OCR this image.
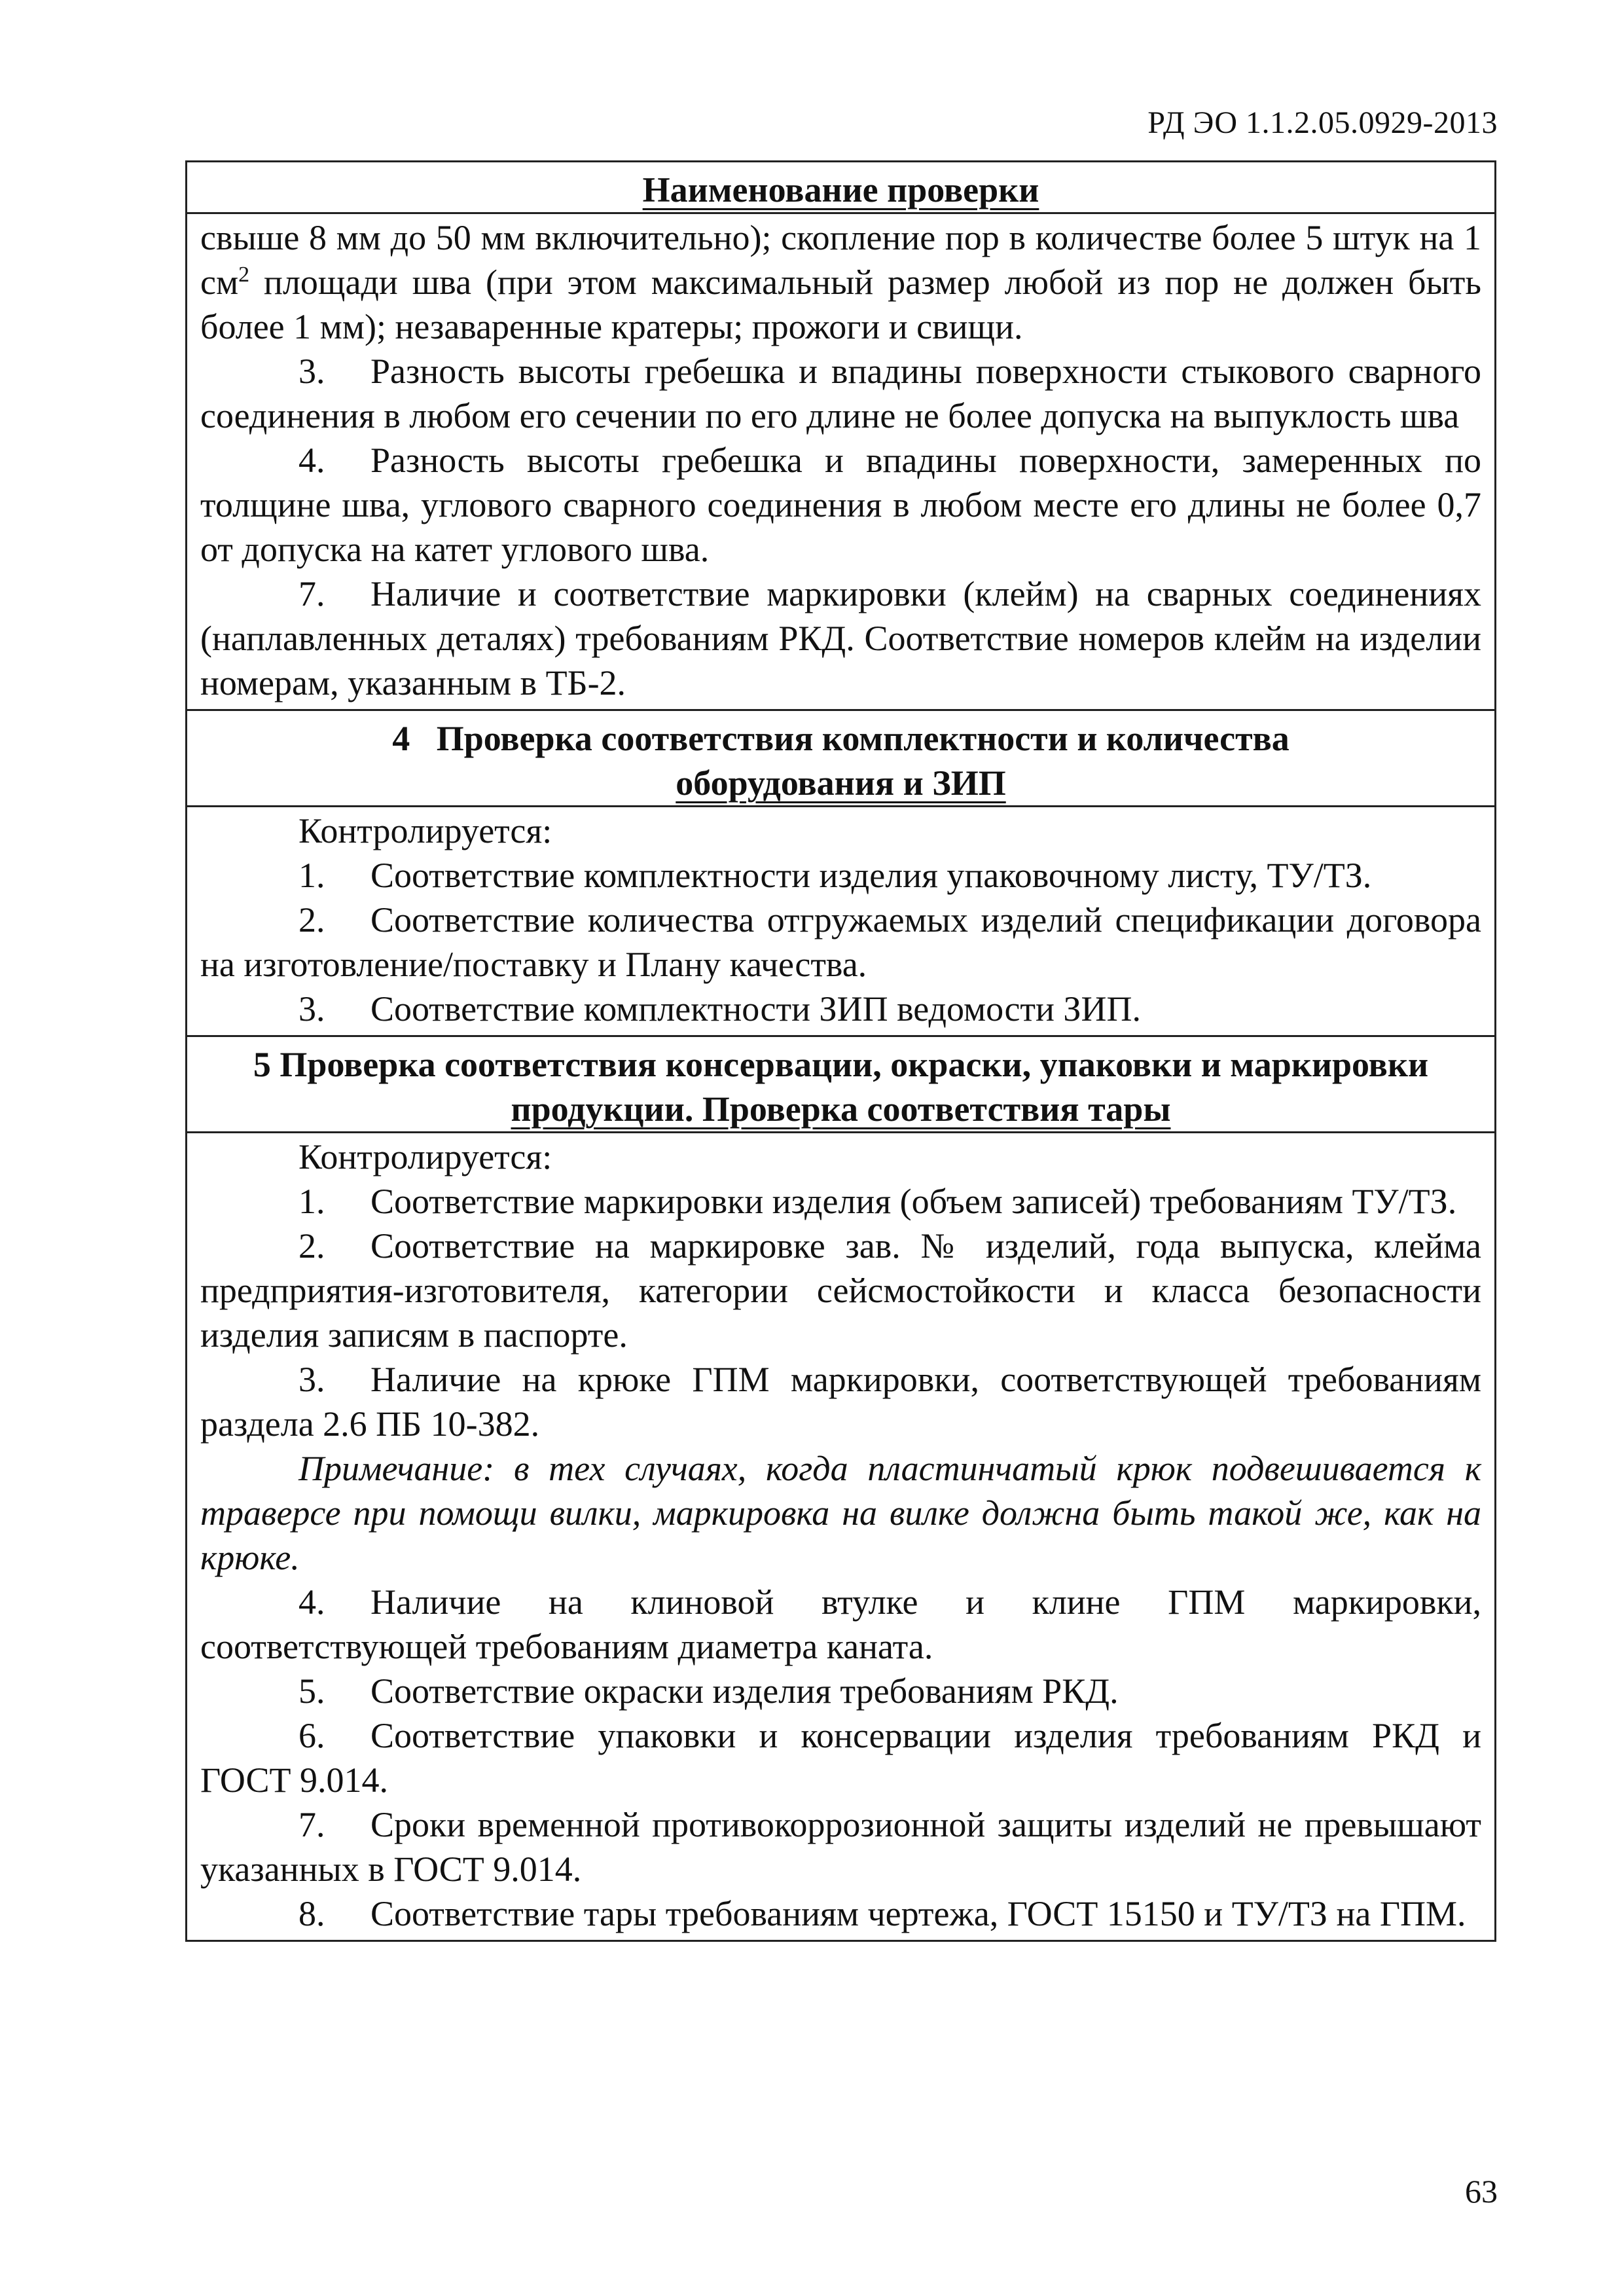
РД ЭО 1.1.2.05.0929-2013
Наименование проверки

свыше 8 мм до 50 мм включительно); скопление пор в количестве более 5 штук на 1 $см^2$ площади шва (при этом максимальный размер любой из пор не должен быть более 1 мм); незаваренные кратеры; прожоги и свищи.

3. Разность высоты гребешка и впадины поверхности стыкового сварного соединения в любом его сечении по его длине не более допуска на выпуклость шва

4. Разность высоты гребешка и впадины поверхности, замеренных по толщине шва, углового сварного соединения в любом месте его длины не более 0,7 от допуска на катет углового шва.

7. Наличие и соответствие маркировки (клейм) на сварных соединениях (наплавленных деталях) требованиям РКД. Соответствие номеров клейм на изделии номерам, указанным в ТБ-2.

4   Проверка соответствия комплектности и количества
оборудования и ЗИП

Контролируется:

1. Соответствие комплектности изделия упаковочному листу, ТУ/ТЗ.

2. Соответствие количества отгружаемых изделий спецификации договора на изготовление/поставку и Плану качества.

3. Соответствие комплектности ЗИП ведомости ЗИП.

5 Проверка соответствия консервации, окраски, упаковки и маркировки
продукции. Проверка соответствия тары

Контролируется:

1. Соответствие маркировки изделия (объем записей) требованиям ТУ/ТЗ.

2. Соответствие на маркировке зав. № изделий, года выпуска, клейма предприятия-изготовителя, категории сейсмостойкости и класса безопасности изделия записям в паспорте.

3. Наличие на крюке ГПМ маркировки, соответствующей требованиям раздела 2.6 ПБ 10-382.

Примечание: в тех случаях, когда пластинчатый крюк подвешивается к траверсе при помощи вилки, маркировка на вилке должна быть такой же, как на крюке.

4. Наличие на клиновой втулке и клине ГПМ маркировки, соответствующей требованиям диаметра каната.

5. Соответствие окраски изделия требованиям РКД.

6. Соответствие упаковки и консервации изделия требованиям РКД и ГОСТ 9.014.

7. Сроки временной противокоррозионной защиты изделий не превышают указанных в ГОСТ 9.014.

8. Соответствие тары требованиям чертежа, ГОСТ 15150 и ТУ/ТЗ на ГПМ.

63
